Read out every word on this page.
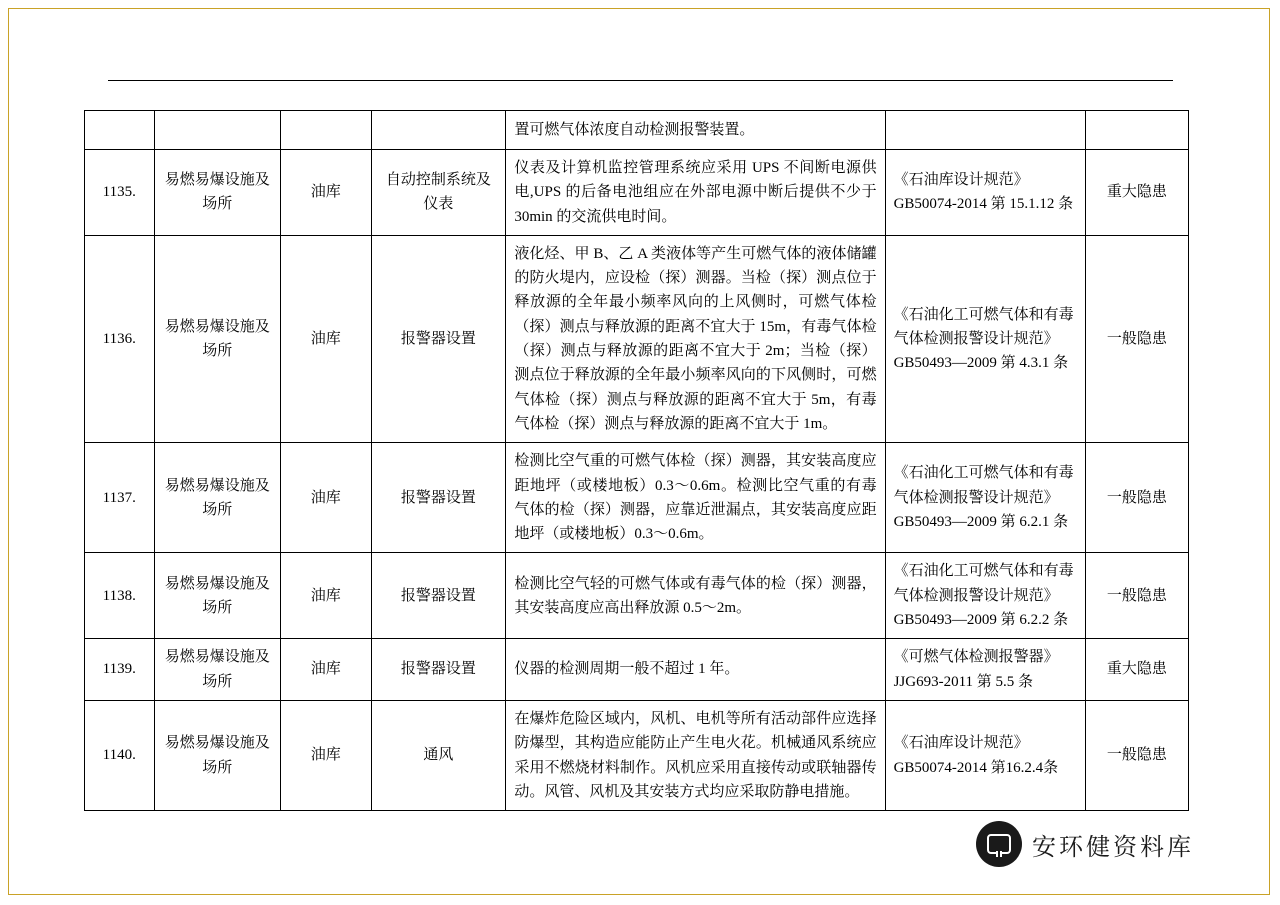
				置可燃气体浓度自动检测报警装置。		
1135.	易燃易爆设施及场所	油库	自动控制系统及仪表	仪表及计算机监控管理系统应采用 UPS 不间断电源供电,UPS 的后备电池组应在外部电源中断后提供不少于 30min 的交流供电时间。	《石油库设计规范》GB50074-2014 第 15.1.12 条	重大隐患
1136.	易燃易爆设施及场所	油库	报警器设置	液化烃、甲 B、乙 A 类液体等产生可燃气体的液体储罐的防火堤内，应设检（探）测器。当检（探）测点位于释放源的全年最小频率风向的上风侧时，可燃气体检（探）测点与释放源的距离不宜大于 15m，有毒气体检（探）测点与释放源的距离不宜大于 2m；当检（探）测点位于释放源的全年最小频率风向的下风侧时，可燃气体检（探）测点与释放源的距离不宜大于 5m，有毒气体检（探）测点与释放源的距离不宜大于 1m。	《石油化工可燃气体和有毒气体检测报警设计规范》GB50493—2009 第 4.3.1 条	一般隐患
1137.	易燃易爆设施及场所	油库	报警器设置	检测比空气重的可燃气体检（探）测器，其安装高度应距地坪（或楼地板）0.3～0.6m。检测比空气重的有毒气体的检（探）测器，应靠近泄漏点，其安装高度应距地坪（或楼地板）0.3～0.6m。	《石油化工可燃气体和有毒气体检测报警设计规范》GB50493—2009 第 6.2.1 条	一般隐患
1138.	易燃易爆设施及场所	油库	报警器设置	检测比空气轻的可燃气体或有毒气体的检（探）测器，其安装高度应高出释放源 0.5～2m。	《石油化工可燃气体和有毒气体检测报警设计规范》GB50493—2009 第 6.2.2 条	一般隐患
1139.	易燃易爆设施及场所	油库	报警器设置	仪器的检测周期一般不超过 1 年。	《可燃气体检测报警器》JJG693-2011 第 5.5 条	重大隐患
1140.	易燃易爆设施及场所	油库	通风	在爆炸危险区域内，风机、电机等所有活动部件应选择防爆型，其构造应能防止产生电火花。机械通风系统应采用不燃烧材料制作。风机应采用直接传动或联轴器传动。风管、风机及其安装方式均应采取防静电措施。	《石油库设计规范》GB50074-2014 第16.2.4条	一般隐患
安环健资料库
